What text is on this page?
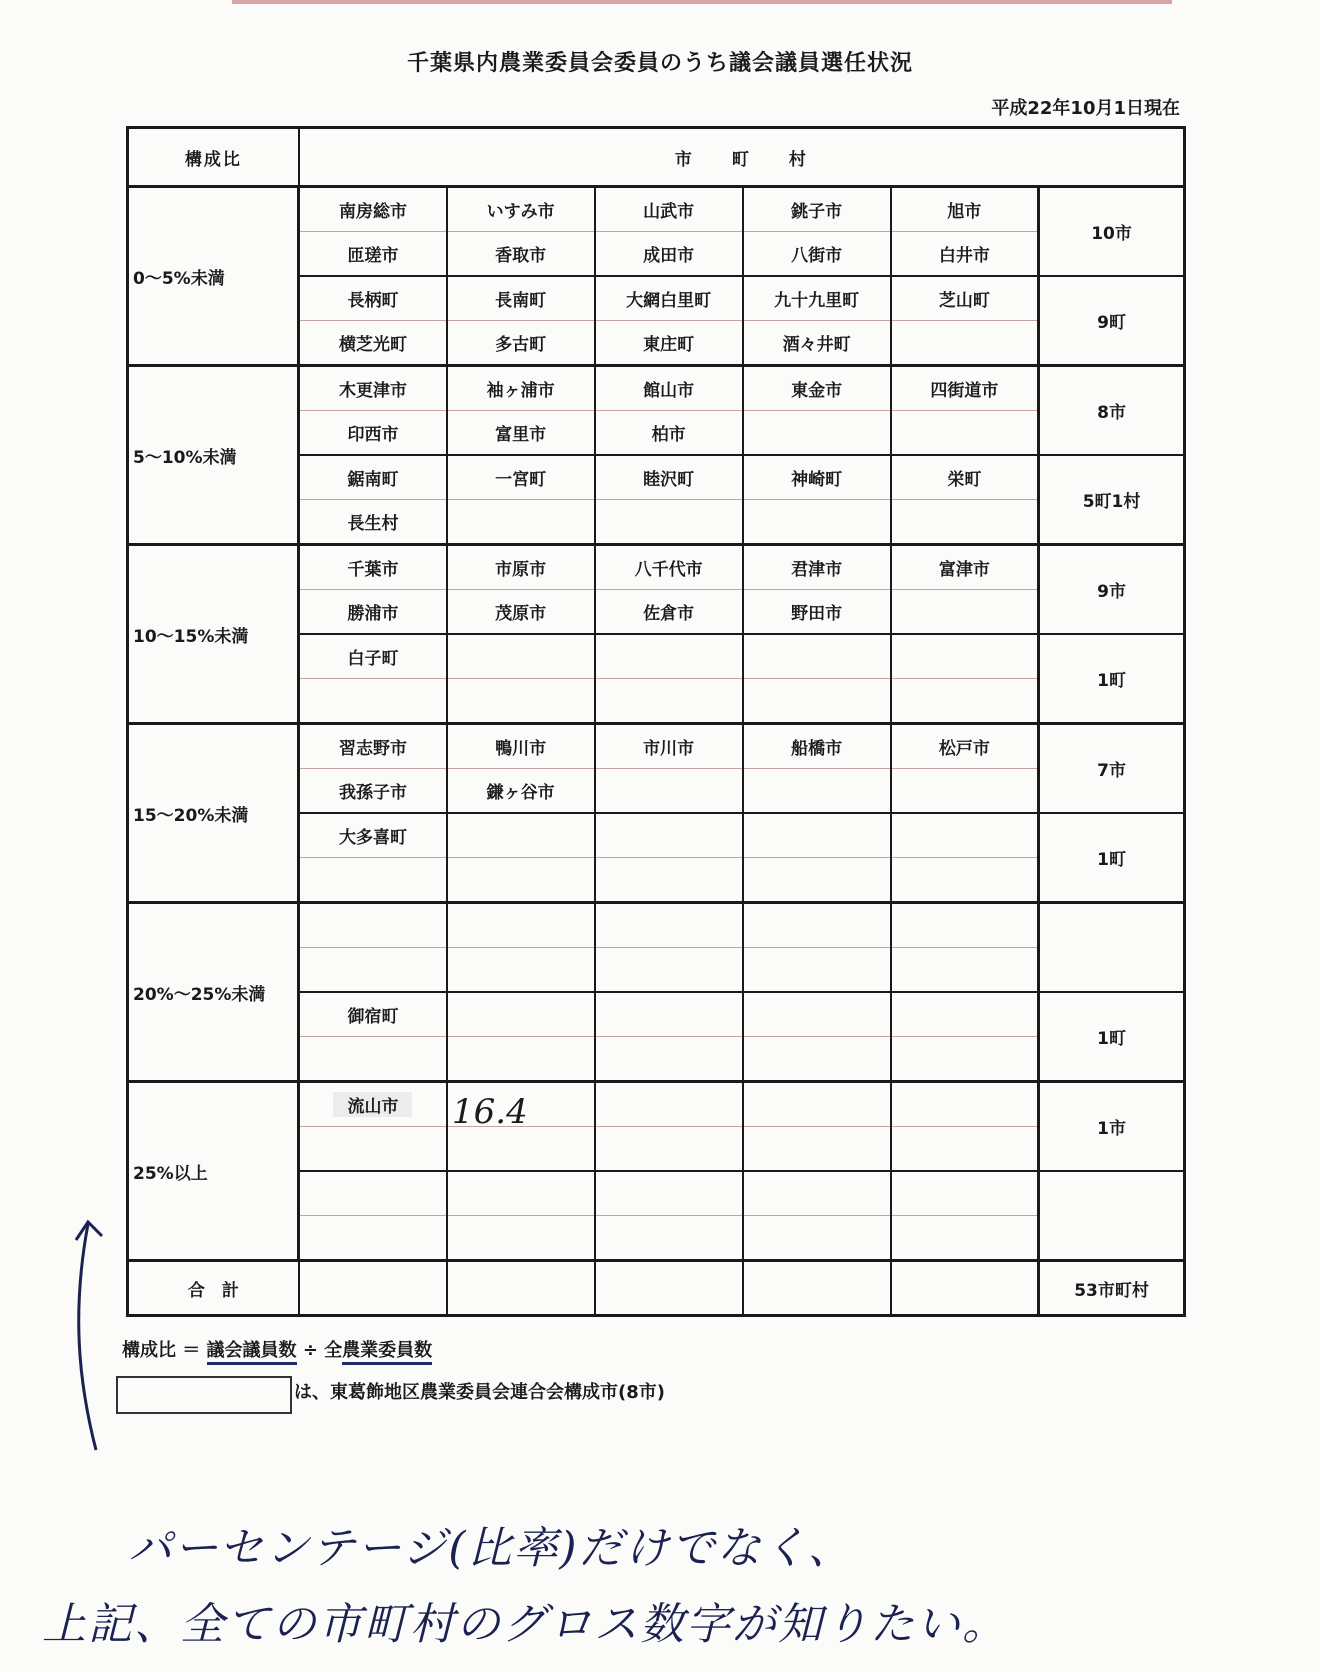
千葉県内農業委員会委員のうち議会議員選任状況
平成22年10月1日現在
構成比	市　　町　　村					
0～5%未満	南房総市	いすみ市	山武市	銚子市	旭市	10市
	匝瑳市	香取市	成田市	八街市	白井市	
	長柄町	長南町	大網白里町	九十九里町	芝山町	9町
	横芝光町	多古町	東庄町	酒々井町		
5～10%未満	木更津市	袖ヶ浦市	館山市	東金市	四街道市	8市
	印西市	富里市	柏市			
	鋸南町	一宮町	睦沢町	神崎町	栄町	5町1村
	長生村					
10～15%未満	千葉市	市原市	八千代市	君津市	富津市	9市
	勝浦市	茂原市	佐倉市	野田市		
	白子町					1町

15～20%未満	習志野市	鴨川市	市川市	船橋市	松戸市	7市
	我孫子市	鎌ヶ谷市				
	大多喜町					1町

20%～25%未満						

	御宿町					1町

25%以上	流山市					1市

合　計						53市町村
16.4
構成比 ＝ 議会議員数 ÷ 全農業委員数
は、東葛飾地区農業委員会連合会構成市(8市)
パーセンテージ(比率)だけでなく、
上記、全ての市町村のグロス数字が知りたい。
